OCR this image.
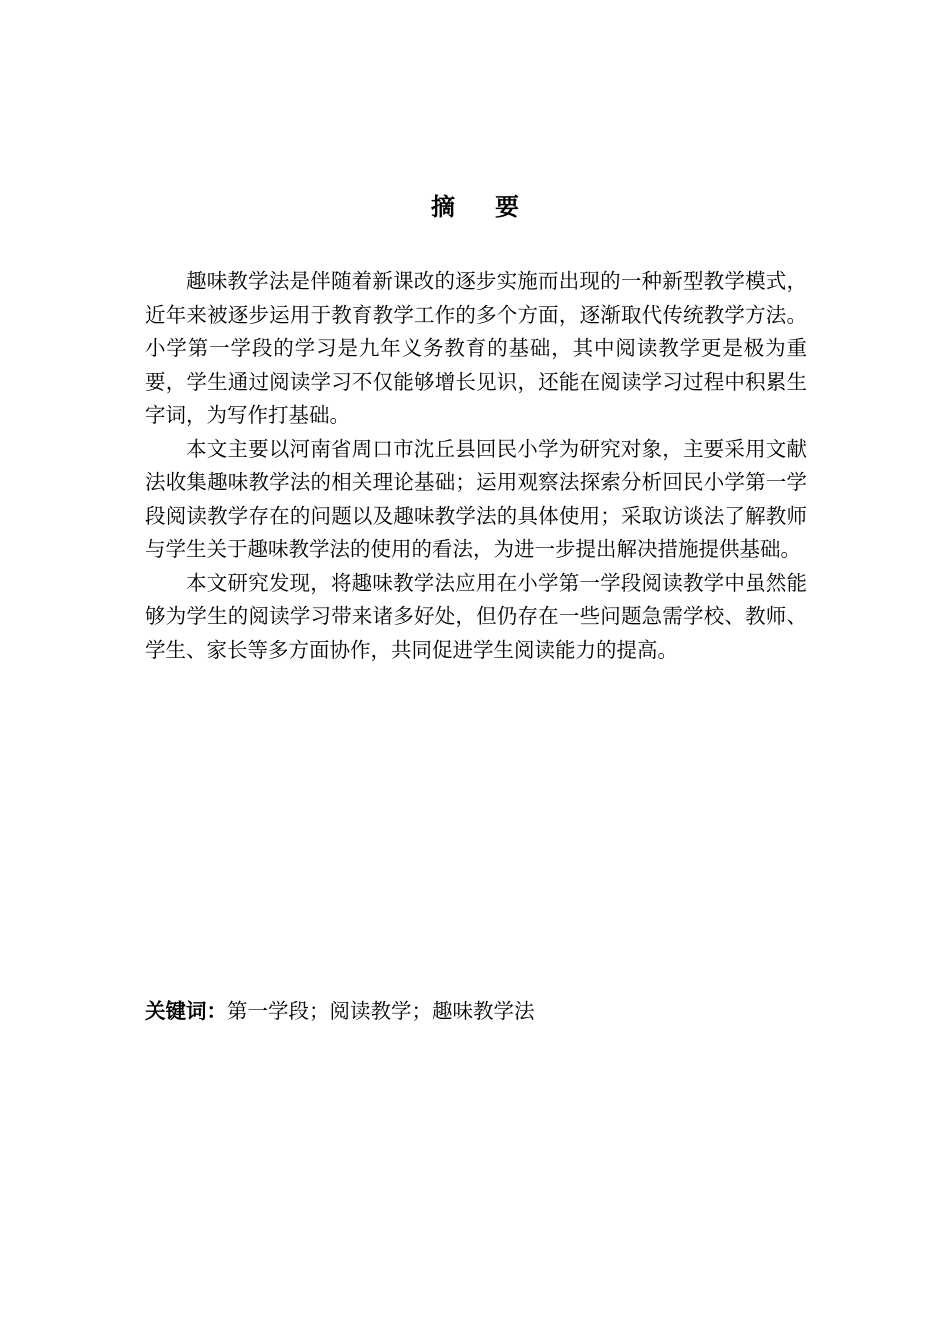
摘要

趣味教学法是伴随着新课改的逐步实施而出现的一种新型教学模式，近年来被逐步运用于教育教学工作的多个方面，逐渐取代传统教学方法。小学第一学段的学习是九年义务教育的基础，其中阅读教学更是极为重要，学生通过阅读学习不仅能够增长见识，还能在阅读学习过程中积累生字词，为写作打基础。

本文主要以河南省周口市沈丘县回民小学为研究对象，主要采用文献法收集趣味教学法的相关理论基础；运用观察法探索分析回民小学第一学段阅读教学存在的问题以及趣味教学法的具体使用；采取访谈法了解教师与学生关于趣味教学法的使用的看法，为进一步提出解决措施提供基础。

本文研究发现，将趣味教学法应用在小学第一学段阅读教学中虽然能够为学生的阅读学习带来诸多好处，但仍存在一些问题急需学校、教师、学生、家长等多方面协作，共同促进学生阅读能力的提高。

关键词：第一学段；阅读教学；趣味教学法
